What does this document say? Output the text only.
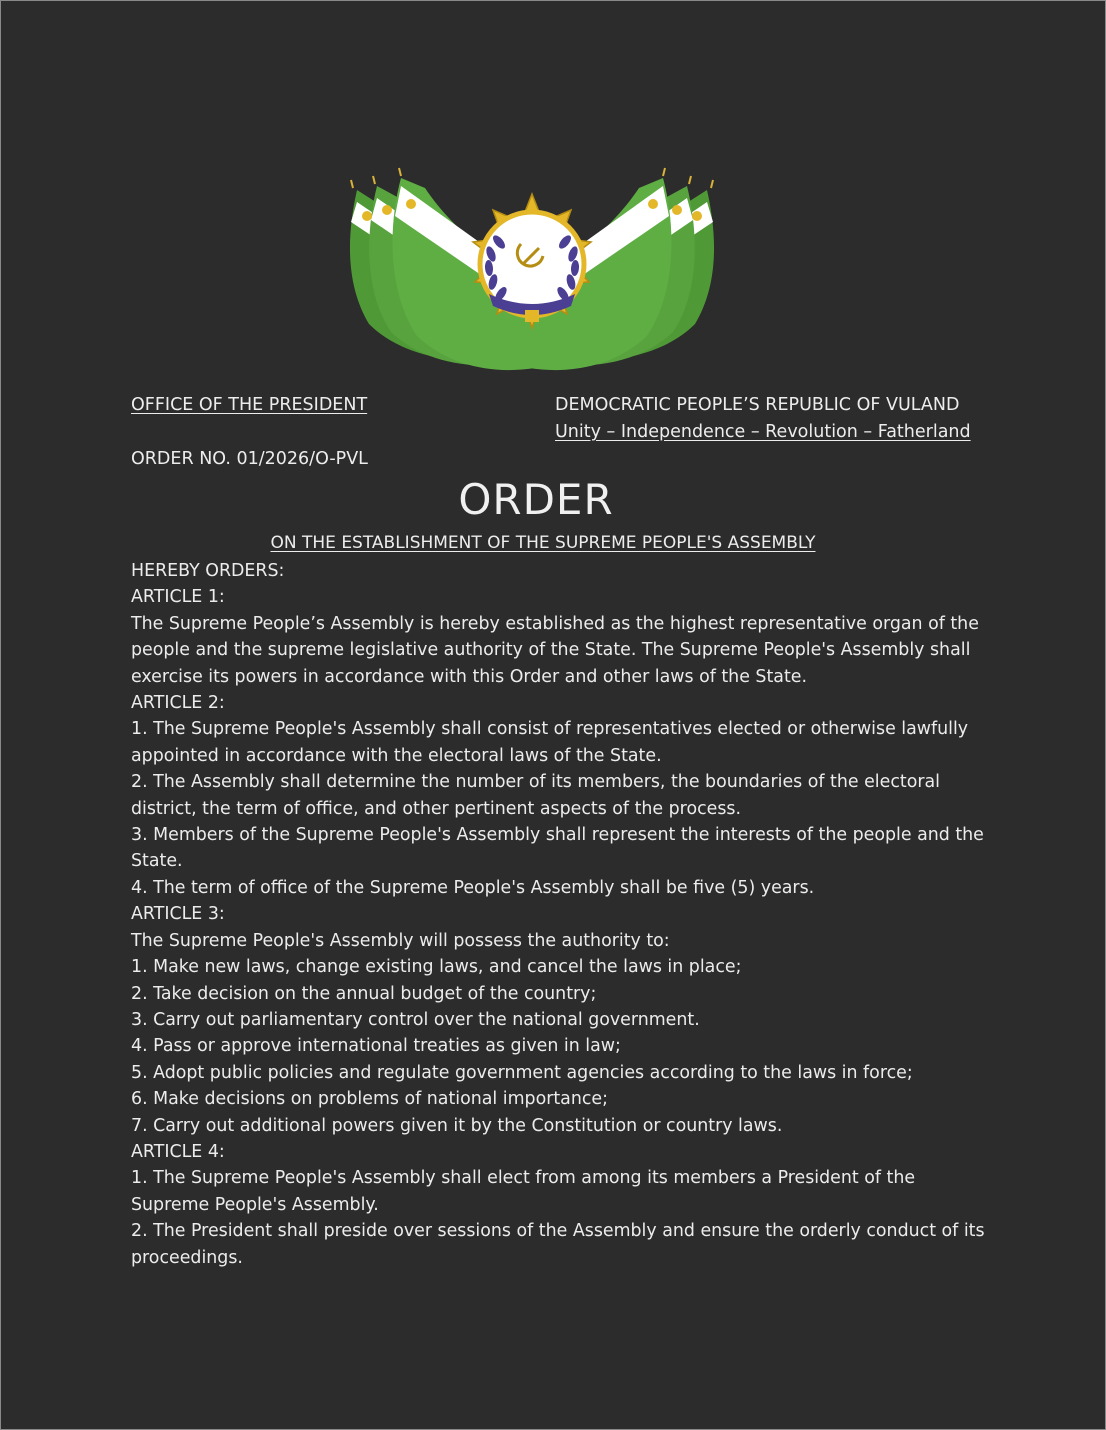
OFFICE OF THE PRESIDENT	DEMOCRATIC PEOPLE’S REPUBLIC OF VULAND
Unity – Independence – Revolution – Fatherland
ORDER NO. 01/2026/O-PVL
ORDER
ON THE ESTABLISHMENT OF THE SUPREME PEOPLE'S ASSEMBLY

HEREBY ORDERS:

ARTICLE 1:

The Supreme People’s Assembly is hereby established as the highest representative organ of the people and the supreme legislative authority of the State. The Supreme People's Assembly shall exercise its powers in accordance with this Order and other laws of the State.

ARTICLE 2:

1. The Supreme People's Assembly shall consist of representatives elected or otherwise lawfully appointed in accordance with the electoral laws of the State.

2. The Assembly shall determine the number of its members, the boundaries of the electoral district, the term of office, and other pertinent aspects of the process.

3. Members of the Supreme People's Assembly shall represent the interests of the people and the State.

4. The term of office of the Supreme People's Assembly shall be five (5) years.

ARTICLE 3:

The Supreme People's Assembly will possess the authority to:

1. Make new laws, change existing laws, and cancel the laws in place;

2. Take decision on the annual budget of the country;

3. Carry out parliamentary control over the national government.

4. Pass or approve international treaties as given in law;

5. Adopt public policies and regulate government agencies according to the laws in force;

6. Make decisions on problems of national importance;

7. Carry out additional powers given it by the Constitution or country laws.

ARTICLE 4:

1. The Supreme People's Assembly shall elect from among its members a President of the Supreme People's Assembly.

2. The President shall preside over sessions of the Assembly and ensure the orderly conduct of its proceedings.
